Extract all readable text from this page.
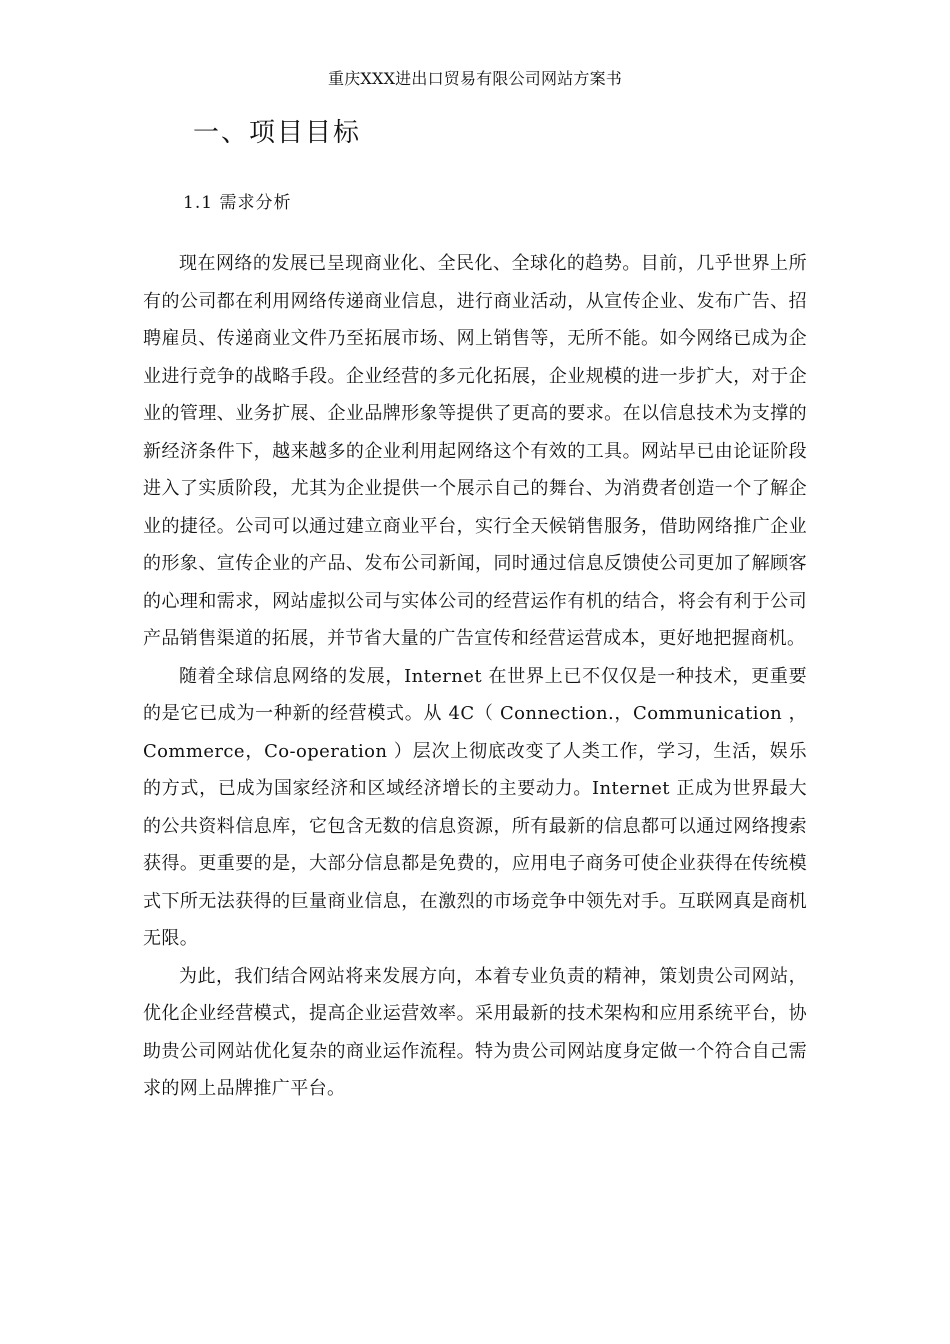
重庆XXX进出口贸易有限公司网站方案书
一、项目目标
1.1 需求分析

现在网络的发展已呈现商业化、全民化、全球化的趋势。目前，几乎世界上所有的公司都在利用网络传递商业信息，进行商业活动，从宣传企业、发布广告、招聘雇员、传递商业文件乃至拓展市场、网上销售等，无所不能。如今网络已成为企业进行竞争的战略手段。企业经营的多元化拓展，企业规模的进一步扩大，对于企业的管理、业务扩展、企业品牌形象等提供了更高的要求。在以信息技术为支撑的新经济条件下，越来越多的企业利用起网络这个有效的工具。网站早已由论证阶段进入了实质阶段，尤其为企业提供一个展示自己的舞台、为消费者创造一个了解企业的捷径。公司可以通过建立商业平台，实行全天候销售服务，借助网络推广企业的形象、宣传企业的产品、发布公司新闻，同时通过信息反馈使公司更加了解顾客的心理和需求，网站虚拟公司与实体公司的经营运作有机的结合，将会有利于公司产品销售渠道的拓展，并节省大量的广告宣传和经营运营成本，更好地把握商机。

随着全球信息网络的发展，Internet 在世界上已不仅仅是一种技术，更重要的是它已成为一种新的经营模式。从 4C（ Connection.，Communication ，Commerce，Co-operation ）层次上彻底改变了人类工作，学习，生活，娱乐的方式，已成为国家经济和区域经济增长的主要动力。Internet 正成为世界最大的公共资料信息库，它包含无数的信息资源，所有最新的信息都可以通过网络搜索获得。更重要的是，大部分信息都是免费的，应用电子商务可使企业获得在传统模式下所无法获得的巨量商业信息，在激烈的市场竞争中领先对手。互联网真是商机无限。

为此，我们结合网站将来发展方向，本着专业负责的精神，策划贵公司网站，优化企业经营模式，提高企业运营效率。采用最新的技术架构和应用系统平台，协助贵公司网站优化复杂的商业运作流程。特为贵公司网站度身定做一个符合自己需求的网上品牌推广平台。
